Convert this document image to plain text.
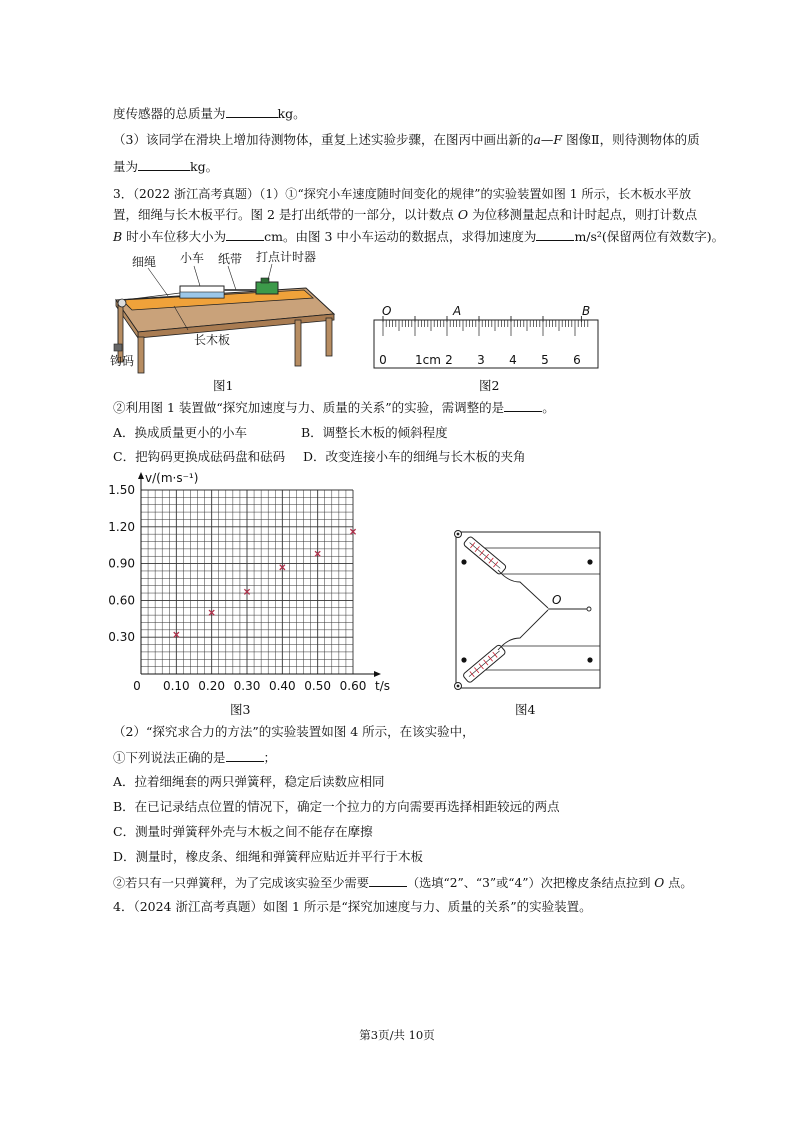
度传感器的总质量为	kg。
（3）该同学在滑块上增加待测物体，重复上述实验步骤，在图丙中画出新的a—F 图像Ⅱ，则待测物体的质
量为	kg。
3．（2022 浙江高考真题）（1）①“探究小车速度随时间变化的规律”的实验装置如图 1 所示，长木板水平放
置，细绳与长木板平行。图 2 是打出纸带的一部分，以计数点 O 为位移测量起点和计时起点，则打计数点
B 时小车位移大小为	cm。由图 3 中小车运动的数据点，求得加速度为	m/s²(保留两位有效数字)。
细绳 小车 纸带 打点计时器
长木板
钩码
图1
O	A	B
0 1cm 2 3 4 5 6
图2
②利用图 1 装置做“探究加速度与力、质量的关系”的实验，需调整的是	。
A．换成质量更小的小车	B．调整长木板的倾斜程度
C．把钩码更换成砝码盘和砝码 D．改变连接小车的细绳与长木板的夹角
0 0.10 0.20 0.30 0.40 0.50 0.60
0.30
0.60
0.90
1.20
1.50
v/(m·s⁻¹)
t/s
图3
O
图4
（2）“探究求合力的方法”的实验装置如图 4 所示，在该实验中，
①下列说法正确的是	；
A．拉着细绳套的两只弹簧秤，稳定后读数应相同
B．在已记录结点位置的情况下，确定一个拉力的方向需要再选择相距较远的两点
C．测量时弹簧秤外壳与木板之间不能存在摩擦
D．测量时，橡皮条、细绳和弹簧秤应贴近并平行于木板
②若只有一只弹簧秤，为了完成该实验至少需要	（选填“2”、“3”或“4”）次把橡皮条结点拉到 O 点。
4．（2024 浙江高考真题）如图 1 所示是“探究加速度与力、质量的关系”的实验装置。
第3页/共 10页
